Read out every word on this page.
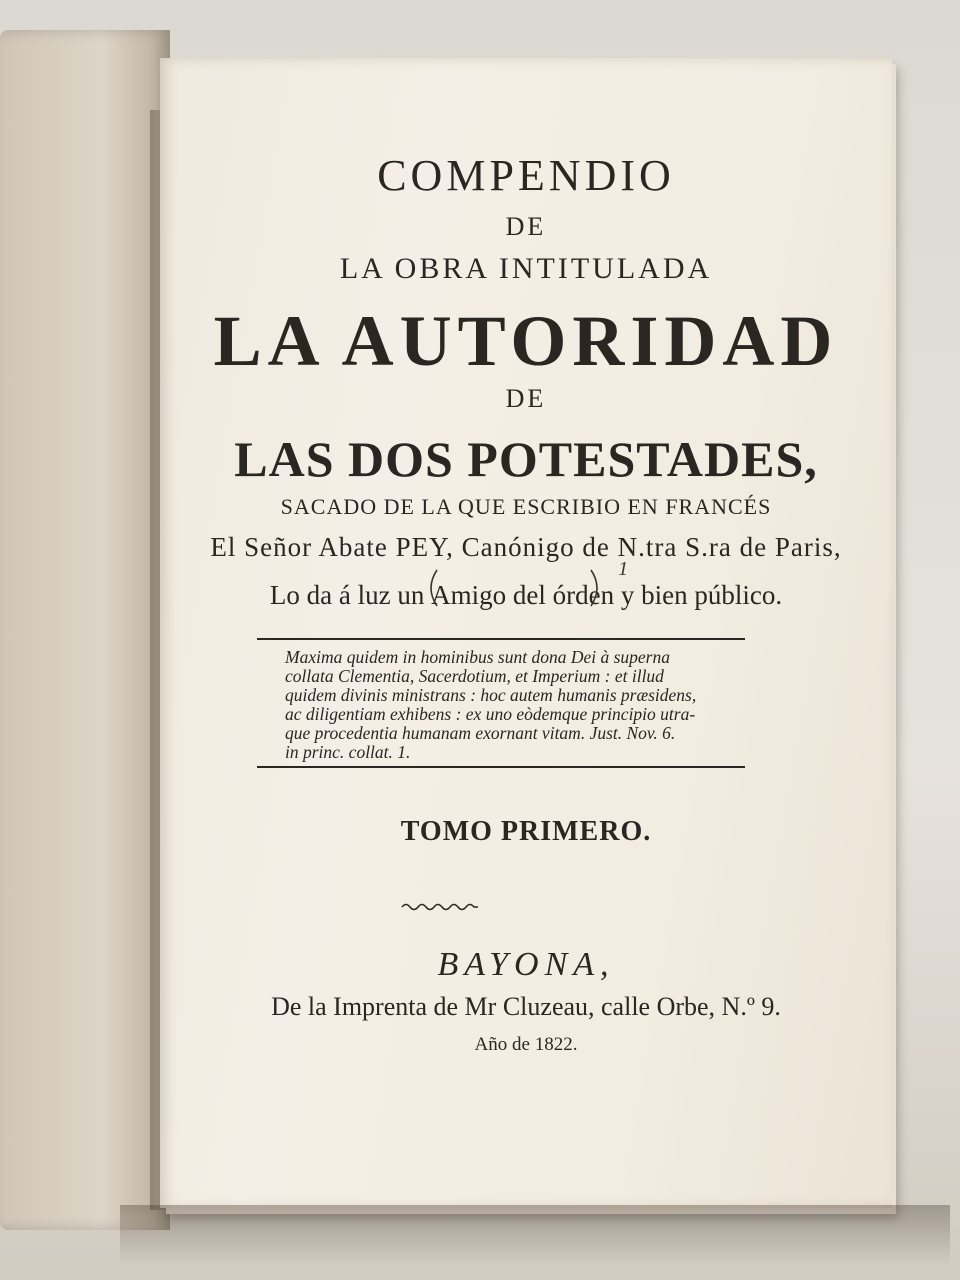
COMPENDIO
DE
LA OBRA INTITULADA
LA AUTORIDAD
DE
LAS DOS POTESTADES,
SACADO DE LA QUE ESCRIBIO EN FRANCÉS
El Señor Abate PEY, Canónigo de N.tra S.ra de Paris,
Lo da á luz un Amigo del órden
1
y bien público.
Maxima quidem in hominibus sunt dona Dei à superna
collata Clementia, Sacerdotium, et Imperium : et illud
quidem divinis ministrans : hoc autem humanis præsidens,
ac diligentiam exhibens : ex uno eòdemque principio utra-
que procedentia humanam exornant vitam. Just. Nov. 6.
in princ. collat. 1.
TOMO PRIMERO.
BAYONA,
De la Imprenta de Mr Cluzeau, calle Orbe, N.º 9.
Año de 1822.
